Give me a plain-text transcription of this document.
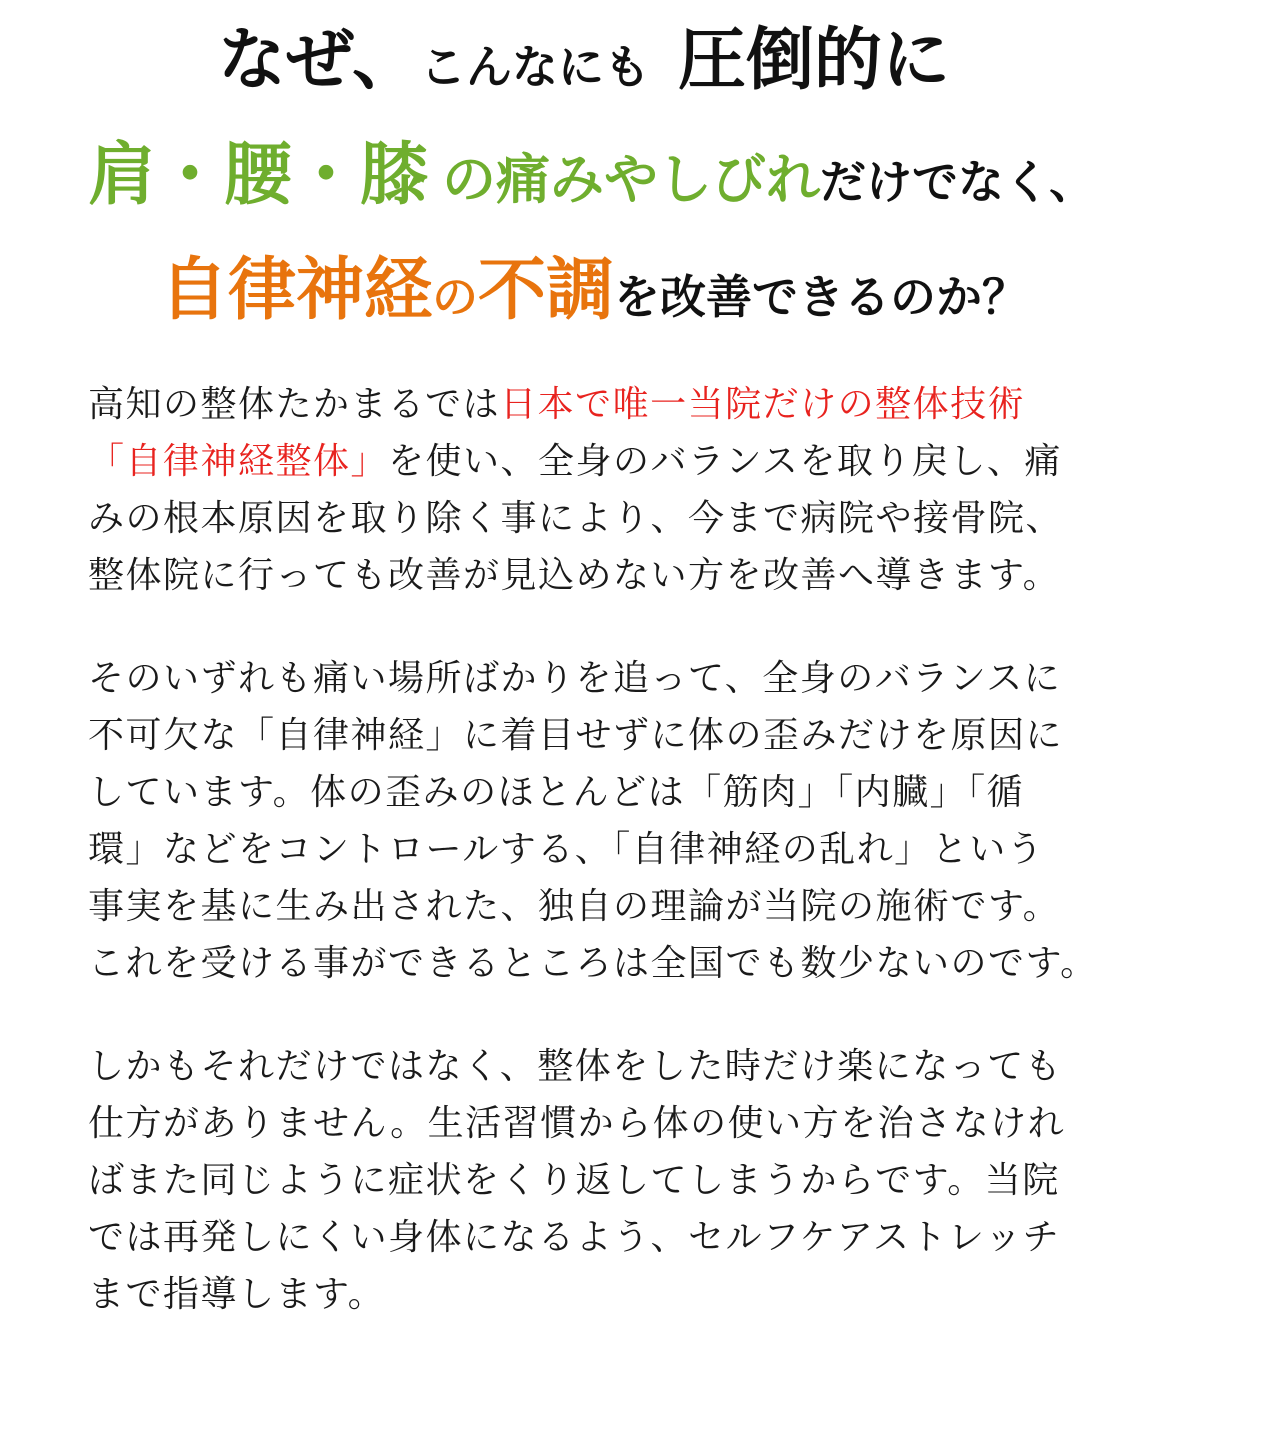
なぜ、こんなにも 圧倒的に
肩・腰・膝 の痛みやしびれだけでなく、
自律神経の不調を改善できるのか？
高知の整体たかまるでは日本で唯一当院だけの整体技術
「自律神経整体」を使い、全身のバランスを取り戻し、痛
みの根本原因を取り除く事により、今まで病院や接骨院、
整体院に行っても改善が見込めない方を改善へ導きます。
そのいずれも痛い場所ばかりを追って、全身のバランスに
不可欠な「自律神経」に着目せずに体の歪みだけを原因に
しています。体の歪みのほとんどは「筋肉」「内臓」「循
環」などをコントロールする、「自律神経の乱れ」という
事実を基に生み出された、独自の理論が当院の施術です。
これを受ける事ができるところは全国でも数少ないのです。
しかもそれだけではなく、整体をした時だけ楽になっても
仕方がありません。生活習慣から体の使い方を治さなけれ
ばまた同じように症状をくり返してしまうからです。当院
では再発しにくい身体になるよう、セルフケアストレッチ
まで指導します。
